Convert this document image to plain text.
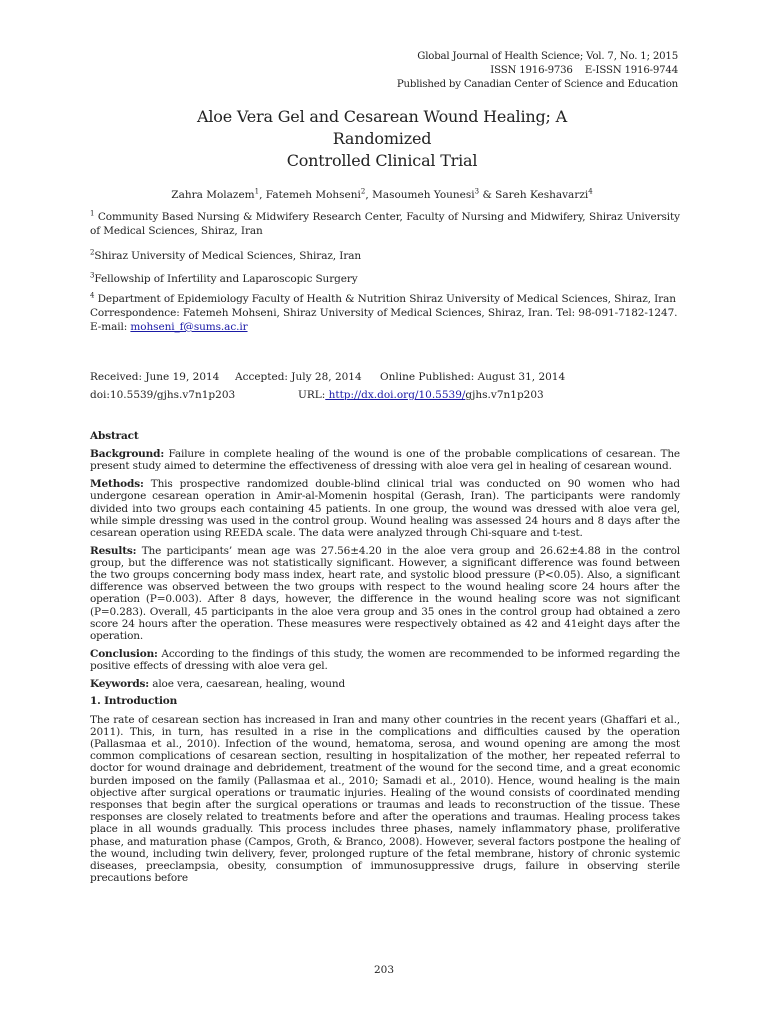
Global Journal of Health Science; Vol. 7, No. 1; 2015
ISSN 1916-9736    E-ISSN 1916-9744
Published by Canadian Center of Science and Education
Aloe Vera Gel and Cesarean Wound Healing; A
Randomized
Controlled Clinical Trial
Zahra Molazem$^1$, Fatemeh Mohseni$^2$, Masoumeh Younesi$^3$ & Sareh Keshavarzi$^4$
$^1$ Community Based Nursing & Midwifery Research Center, Faculty of Nursing and Midwifery, Shiraz University of Medical Sciences, Shiraz, Iran
$^2$Shiraz University of Medical Sciences, Shiraz, Iran
$^3$Fellowship of Infertility and Laparoscopic Surgery
$^4$ Department of Epidemiology Faculty of Health & Nutrition Shiraz University of Medical Sciences, Shiraz, Iran
Correspondence: Fatemeh Mohseni, Shiraz University of Medical Sciences, Shiraz, Iran. Tel: 98-091-7182-1247.
E-mail: mohseni_f@sums.ac.ir
Received: June 19, 2014 Accepted: July 28, 2014 Online Published: August 31, 2014
doi:10.5539/gjhs.v7n1p203	URL: http://dx.doi.org/10.5539/gjhs.v7n1p203
Abstract

Background: Failure in complete healing of the wound is one of the probable complications of cesarean. The present study aimed to determine the effectiveness of dressing with aloe vera gel in healing of cesarean wound.

Methods: This prospective randomized double-blind clinical trial was conducted on 90 women who had undergone cesarean operation in Amir-al-Momenin hospital (Gerash, Iran). The participants were randomly divided into two groups each containing 45 patients. In one group, the wound was dressed with aloe vera gel, while simple dressing was used in the control group. Wound healing was assessed 24 hours and 8 days after the cesarean operation using REEDA scale. The data were analyzed through Chi-square and t-test.

Results: The participants’ mean age was 27.56±4.20 in the aloe vera group and 26.62±4.88 in the control group, but the difference was not statistically significant. However, a significant difference was found between the two groups concerning body mass index, heart rate, and systolic blood pressure (P<0.05). Also, a significant difference was observed between the two groups with respect to the wound healing score 24 hours after the operation (P=0.003). After 8 days, however, the difference in the wound healing score was not significant (P=0.283). Overall, 45 participants in the aloe vera group and 35 ones in the control group had obtained a zero score 24 hours after the operation. These measures were respectively obtained as 42 and 41eight days after the operation.

Conclusion: According to the findings of this study, the women are recommended to be informed regarding the positive effects of dressing with aloe vera gel.

Keywords: aloe vera, caesarean, healing, wound

1. Introduction

The rate of cesarean section has increased in Iran and many other countries in the recent years (Ghaffari et al., 2011). This, in turn, has resulted in a rise in the complications and difficulties caused by the operation (Pallasmaa et al., 2010). Infection of the wound, hematoma, serosa, and wound opening are among the most common complications of cesarean section, resulting in hospitalization of the mother, her repeated referral to doctor for wound drainage and debridement, treatment of the wound for the second time, and a great economic burden imposed on the family (Pallasmaa et al., 2010; Samadi et al., 2010). Hence, wound healing is the main objective after surgical operations or traumatic injuries. Healing of the wound consists of coordinated mending responses that begin after the surgical operations or traumas and leads to reconstruction of the tissue. These responses are closely related to treatments before and after the operations and traumas. Healing process takes place in all wounds gradually. This process includes three phases, namely inflammatory phase, proliferative phase, and maturation phase (Campos, Groth, & Branco, 2008). However, several factors postpone the healing of the wound, including twin delivery, fever, prolonged rupture of the fetal membrane, history of chronic systemic diseases, preeclampsia, obesity, consumption of immunosuppressive drugs, failure in observing sterile precautions before

203
